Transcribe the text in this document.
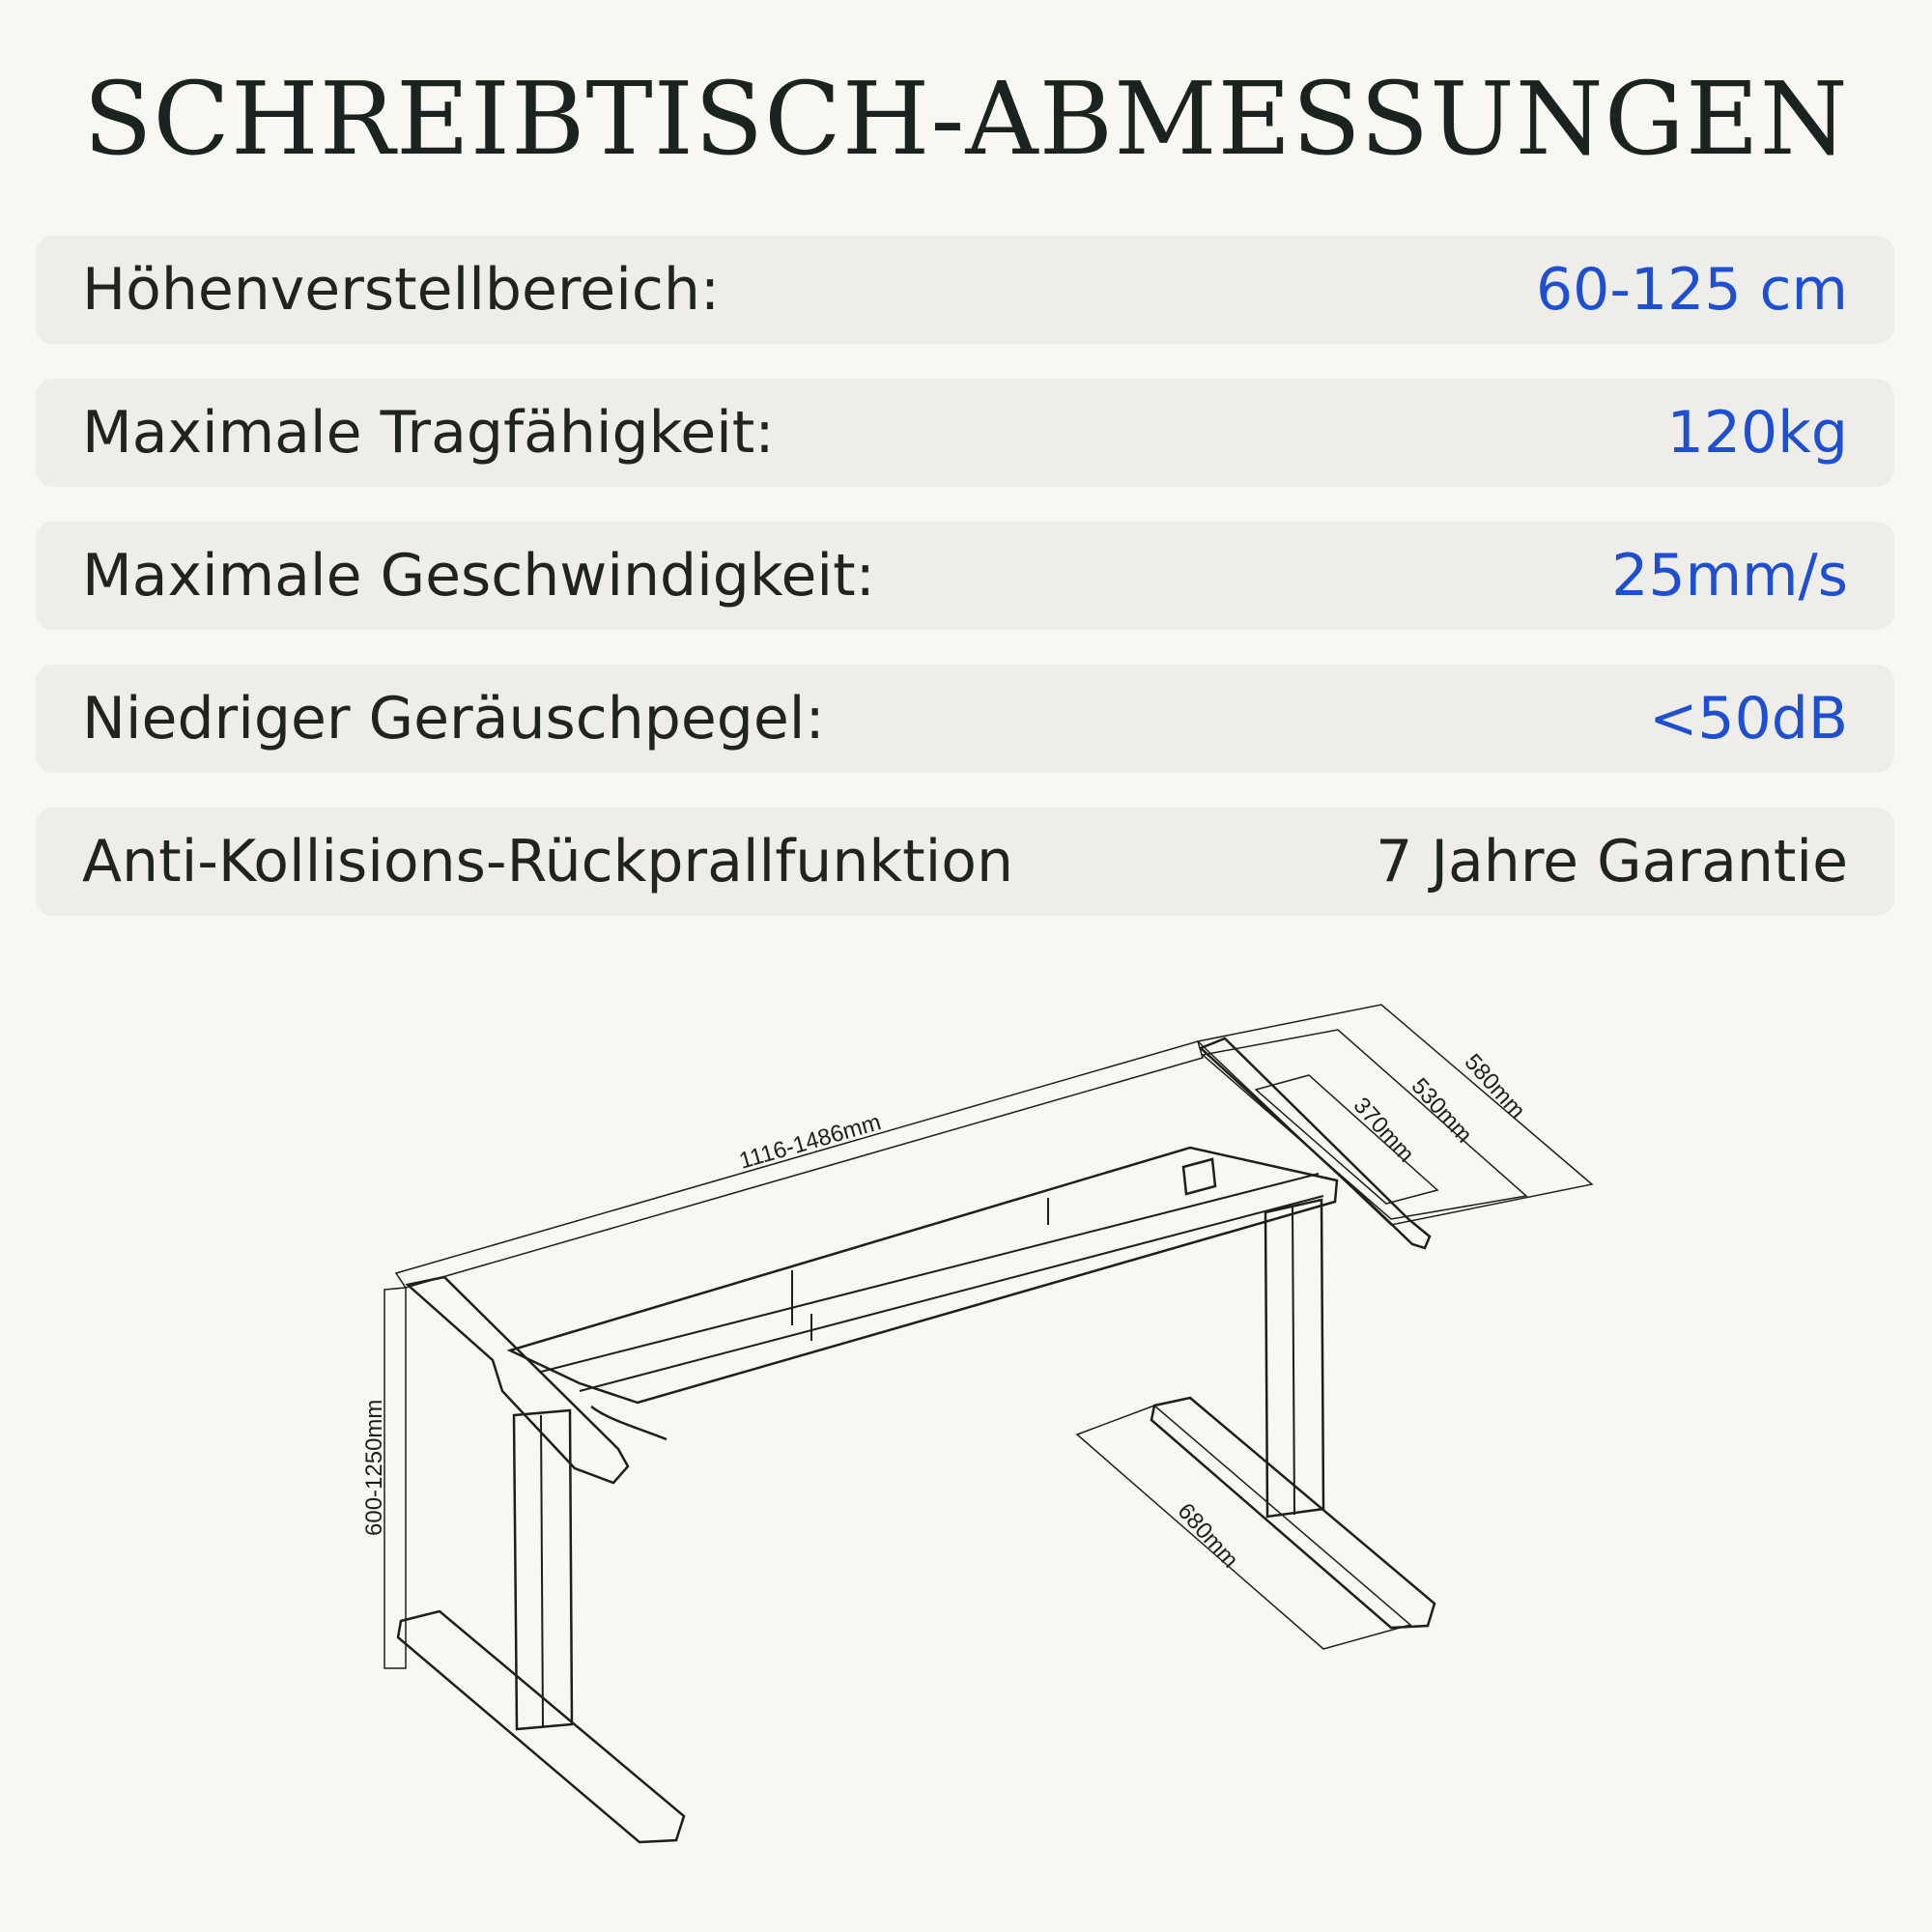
SCHREIBTISCH-ABMESSUNGEN
Höhenverstellbereich:	60-125 cm
Maximale Tragfähigkeit:	120kg
Maximale Geschwindigkeit:	25mm/s
Niedriger Geräuschpegel:	<50dB
Anti-Kollisions-Rückprallfunktion	7 Jahre Garantie
1116-1486mm
600-1250mm
580mm
530mm
370mm
680mm
